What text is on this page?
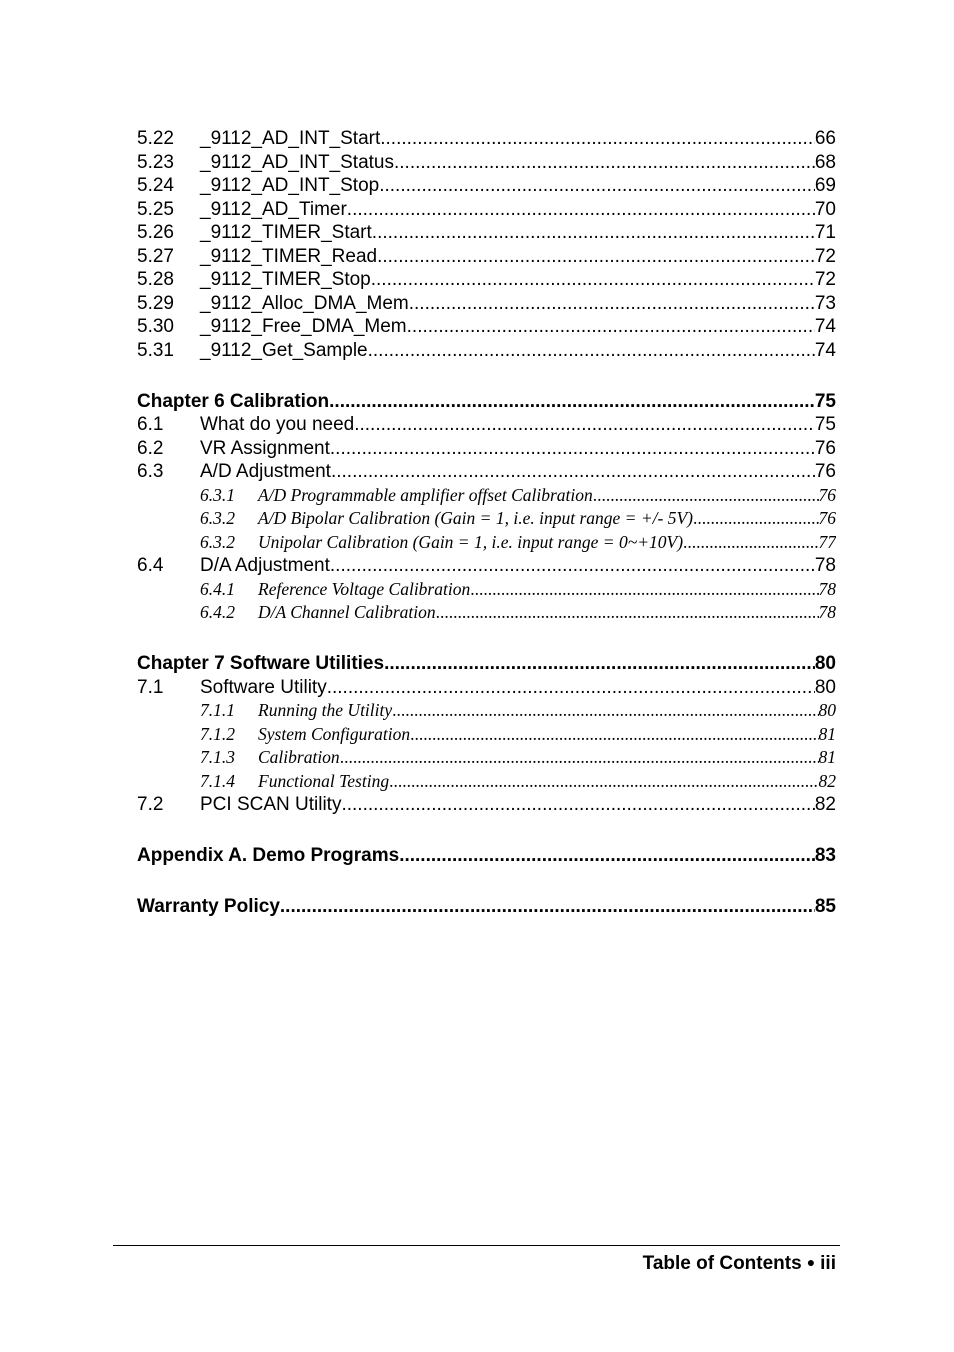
5.22	_9112_AD_INT_Start .....	66
5.23	_9112_AD_INT_Status .....	68
5.24	_9112_AD_INT_Stop .....	69
5.25	_9112_AD_Timer .....	70
5.26	_9112_TIMER_Start .....	71
5.27	_9112_TIMER_Read .....	72
5.28	_9112_TIMER_Stop .....	72
5.29	_9112_Alloc_DMA_Mem .....	73
5.30	_9112_Free_DMA_Mem .....	74
5.31	_9112_Get_Sample .....	74
Chapter 6 Calibration .....	75
6.1	What do you need .....	75
6.2	VR Assignment .....	76
6.3	A/D Adjustment .....	76
6.3.1	A/D Programmable amplifier offset Calibration .....	76
6.3.2	A/D Bipolar Calibration (Gain = 1, i.e. input range = +/- 5V) .....	76
6.3.2	Unipolar Calibration (Gain = 1, i.e. input range = 0~+10V) .....	77
6.4	D/A Adjustment .....	78
6.4.1	Reference Voltage Calibration .....	78
6.4.2	D/A Channel Calibration .....	78
Chapter 7 Software Utilities .....	80
7.1	Software Utility .....	80
7.1.1	Running the Utility .....	80
7.1.2	System Configuration .....	81
7.1.3	Calibration .....	81
7.1.4	Functional Testing .....	82
7.2	PCI SCAN Utility .....	82
Appendix A. Demo Programs .....	83
Warranty Policy .....	85
Table of Contents ● iii
